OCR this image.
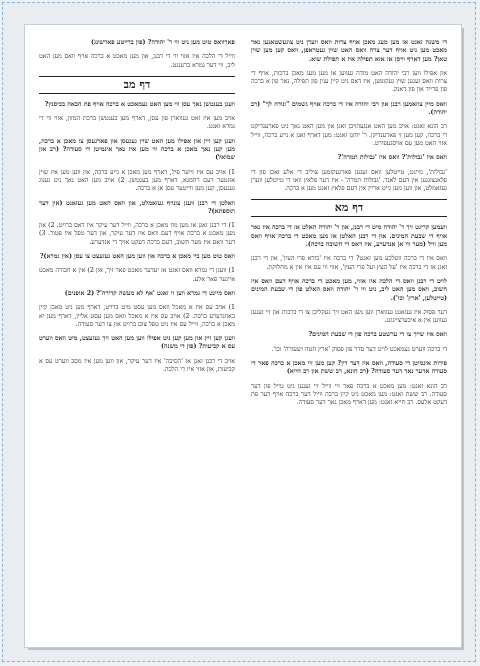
די משנה זאגט אז מען מעג מאכן אויף צרות וואס ווערן ניט צוגעשטאנען נאר מאכט מען ניט אויף דער צרה וואס האט שוין געטראפן, וואס קען מען שוין טאן? מען דארף וויסן אז אזא תפילה איז א תפילת שוא.

און אפילו ווען רבי יהודה האט מודה געווען אז מען מעג מאכן ברכות, אויף די צרות וואס זענען שוין געקומען, איז דאס ניט קיין ענין פון תפילה, נאר פון א ברכה פון פרייד און פון דאנק.

וואס מיין צוזאמען רבנן און רבי יהודה איז די ברכה אויף גשמים "ונודה לך" (רב יהודה).

רב הונא זאגט: אויב מען האט אנגעהויבן זאגן און מען האט נאך ניט פארענדיקט די ברכה, קען מען זי פארענדיקן. ר' יוחנן זאגט: מען דארף זאגן א נייע ברכה, ווייל אזוי האט מען עס אויסגעפירט.

וואס איז 'גבולות'? וואס איז 'גבולות תמרה'?

'גבולות', מיינט, טייטלען וואס זענען פארגעקומען צוליב די אלע זאכן פון די פלאנצונגען אין דעם לאנד. 'גבולות תמרה' - איז דער פלאץ וואו די טייטלען ווערן געזאמלט, און ווען מען גייט אריין אין דעם פלאץ זאגט מען א ברכה.

דף מא

וועמען קריגט זיך ר' יהודה מיט די רבנן, און ר' יהודה האלט אז די ברכה איז נאר אויף די שבעת המינים. און די רבנן האלטן אז מען מאכט די ברכה אויף וואס מען וויל (מער ווי אן אנדערע, איז דאס די חשובה ברכה).

וואס איז די ברכה וועלכע מען זאגט? די ברכה איז 'בורא פרי העץ', און די רבנן זאגן אז די ברכה איז 'על העץ ועל פרי העץ', אזוי ווי עס איז אין א מחלוקת.

לויט די רבנן וואס די הלכה איז אזוי, מען מאכט די ברכה אויף דעם וואס איז חשוב, וואס מען האט ליב, ניט ווי ר' יהודה וואס האלט פון די שבעת המינים (טייטלען, 'ארץ' וכו').

דער פסוק איז געזאגט געווארן ווען מען האט זיך געקליבן צו די ברכות און זיי זענען געווען אין א איבערצייגונג.

וואס איז שייך צו די ערשטע ברכה פון די שבעת המינים?

די ברכה ווערט געמאכט לויט דער סדר פון פסוק 'ארץ חטה ושעורה' וכו'.

פירות אינמיטן די סעודה, וואס איז דער דין? קען מען זיי מאכן א ברכה פאר די סעודה אדער נאך דער סעודה? (רב הונא, רב ששת און רב חייא)

רב הונא זאגט: מען מאכט א ברכה פאר זיי ווייל זיי זענען ניט טייל פון דער סעודה. רב ששת זאגט: מען מאכט ניט קיין ברכה ווייל דער ברכה אויף דער פת דעקט אלעס. רב חייא זאגט: מען דארף מאכן נאך דער סעודה.

פארוואס טוט מען ניט ווי ר' יהודה? (פון ברייטע פארשונג)

ווייל די הלכה איז אזוי ווי די רבנן, און מען מאכט א ברכה אויף וואס מען האט ליב, ווי דער גמרא ברענגט.

דף מב

וועגן בענטשן נאך עסן ווי מען האט געמאכט א ברכה אויף פת הבאה בכיסנין?

אויב מען איז זאט געווארן פון עסן, דארף מען בענטשן ברכת המזון, אזוי ווי די גמרא זאגט.

וועגן קען זיין און אפילו מען האט שוין געגעסן און פארגעסן צו מאכן א ברכה, מען קען נאך מאכן א ברכה ווי מען איז נאך אינמיטן די סעודה? (רב און שמואל)

1) אויב עס איז זייער פיל, דארף מען מאכן א נייע ברכה, און ווען מען איז שוין אונטער דעם רחמנא, דארף מען בענטשן. 2) אויב מען האט נאך ניט גענוג געגעסן, קען מען ווייטער עסן אן א ברכה.

וואלטן די רבנן וועגן צונויף געזאמלט, און וואס האט מען געזאגט (אין דער תוספתא)?

1) די רבנן זאגן אז מען מוז מאכן א ברכה, ווייל דער עיקר איז דאס ברויט. 2) און מען מאכט א ברכה אויף דעם וואס איז דער עיקר, און דער טפל איז פטור. 3) דער וואס איז מער חשוב, דעם ברכה דעקט אויך די אנדערע.

וואס טוט מען ביי מאכן א ברכה און ווען מען האט געזעצט צו עסן (אין גמרא)?

1) וועגן די גמרא וואס זאגט אז יעדער מאכט פאר זיך, און 2) אין א חבורה מאכט איינער פאר אלע.

וואס מיינט די גמרא ווען זי זאגט 'אף לא מעשה קדירה'? (2 אופנים)

1) אויב עס איז א מאכל וואס מען עסט מיט ברויט, דארף מען ניט מאכן קיין באזונדערע ברכה. 2) אויב עס איז א מאכל וואס מען עסט אליין, דארף מען יא מאכן א ברכה, ווייל עס איז ניט טפל צום ברויט און צו דער סעודה.

וועגן קען זיין און מען קען ניט אפילו ווען מען האט זיך געזעצט, מיט וואס ווערט עס א קביעות? (פון די משנה)

אויב די רבנן זאגן אז 'הסיבה' איז דער עיקר, און ווען מען איז מסב ווערט עס א קביעות, און אזוי איז די הלכה.
